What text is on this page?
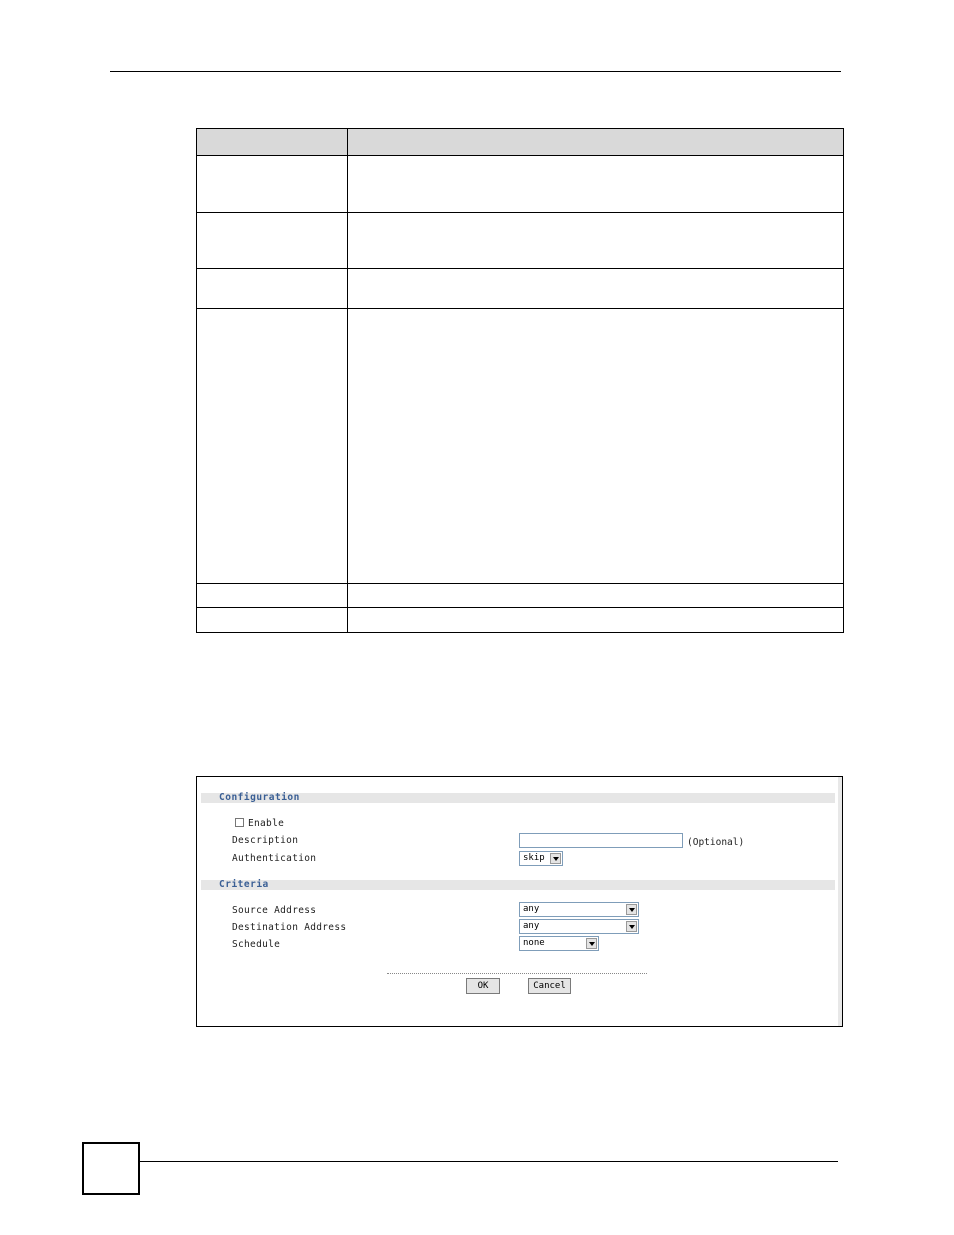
Configuration
Enable
Description	(Optional)
Authentication	skip
Criteria
Source Address	any
Destination Address	any
Schedule	none
OK	Cancel
